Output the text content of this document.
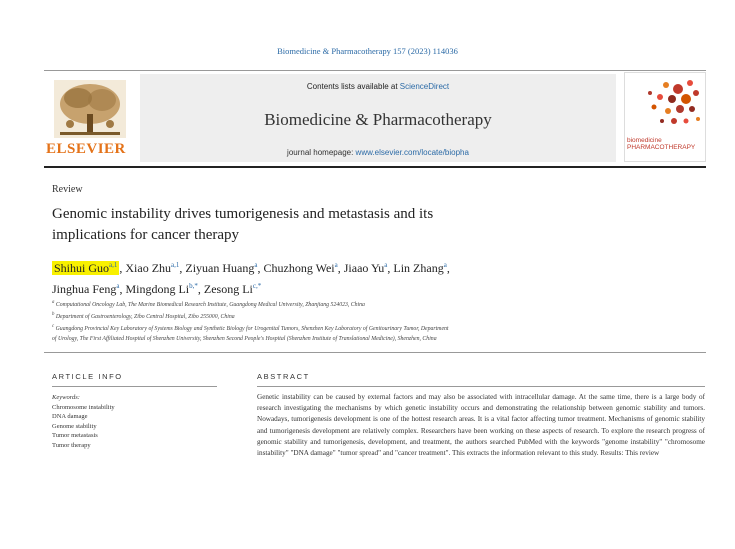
Biomedicine & Pharmacotherapy 157 (2023) 114036
ELSEVIER
Contents lists available at ScienceDirect
Biomedicine & Pharmacotherapy
journal homepage: www.elsevier.com/locate/biopha
biomedicine
PHARMACOTHERAPY
Review
Genomic instability drives tumorigenesis and metastasis and its
implications for cancer therapy
Shihui Guo$^{a,1}$ , Xiao Zhu$^{a,1}$, Ziyuan Huang$^a$, Chuzhong Wei$^a$, Jiaao Yu$^a$, Lin Zhang$^a$,
Jinghua Feng$^a$, Mingdong Li$^{b,*}$, Zesong Li$^{c,*}$
$^a$ Computational Oncology Lab, The Marine Biomedical Research Institute, Guangdong Medical University, Zhanjiang 524023, China
$^b$ Department of Gastroenterology, Zibo Central Hospital, Zibo 255000, China
$^c$ Guangdong Provincial Key Laboratory of Systems Biology and Synthetic Biology for Urogenital Tumors, Shenzhen Key Laboratory of Genitourinary Tumor, Department
of Urology, The First Affiliated Hospital of Shenzhen University, Shenzhen Second People's Hospital (Shenzhen Institute of Translational Medicine), Shenzhen, China
ARTICLE INFO	ABSTRACT
Keywords:
Chromosome instability
DNA damage
Genome stability
Tumor metastasis
Tumor therapy
Genetic instability can be caused by external factors and may also be associated with intracellular damage. At the same time, there is a large body of research investigating the mechanisms by which genetic instability occurs and demonstrating the relationship between genomic stability and tumors. Nowadays, tumorigenesis development is one of the hottest research areas. It is a vital factor affecting tumor treatment. Mechanisms of genomic stability and tumorigenesis development are relatively complex. Researchers have been working on these aspects of research. To explore the research progress of genomic stability and tumorigenesis, development, and treatment, the authors searched PubMed with the keywords "genome instability" "chromosome instability" "DNA damage" "tumor spread" and "cancer treatment". This extracts the information relevant to this study. Results: This review
